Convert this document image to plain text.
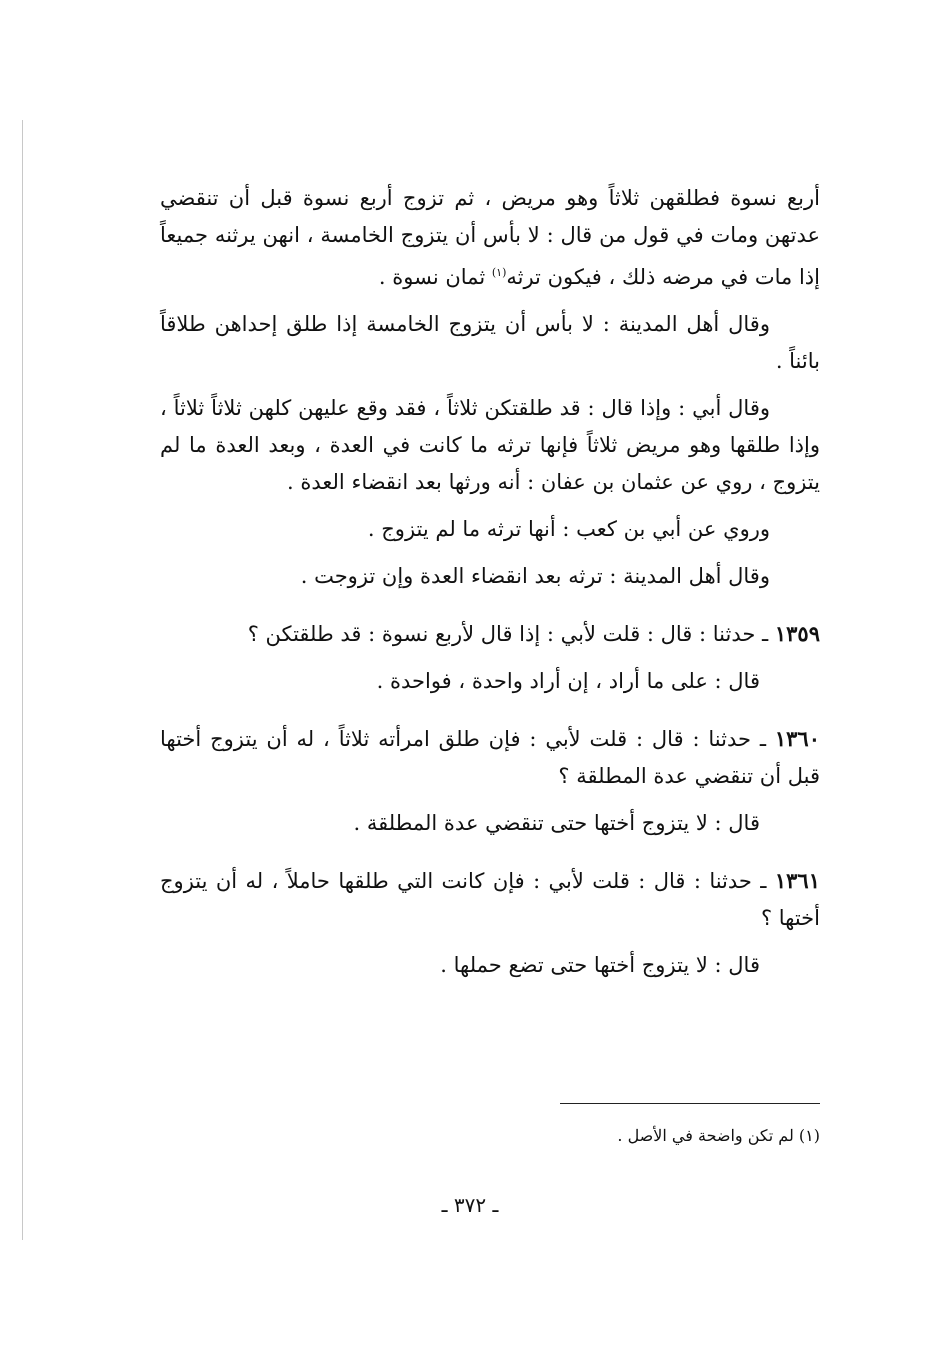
أربع نسوة فطلقهن ثلاثاً وهو مريض ، ثم تزوج أربع نسوة قبل أن تنقضي عدتهن ومات في قول من قال : لا بأس أن يتزوج الخامسة ، انهن يرثنه جميعاً إذا مات في مرضه ذلك ، فيكون ترثه$^{(١)}$ ثمان نسوة .

وقال أهل المدينة : لا بأس أن يتزوج الخامسة إذا طلق إحداهن طلاقاً بائناً .

وقال أبي : وإذا قال : قد طلقتكن ثلاثاً ، فقد وقع عليهن كلهن ثلاثاً ثلاثاً ، وإذا طلقها وهو مريض ثلاثاً فإنها ترثه ما كانت في العدة ، وبعد العدة ما لم يتزوج ، روي عن عثمان بن عفان : أنه ورثها بعد انقضاء العدة .

وروي عن أبي بن كعب : أنها ترثه ما لم يتزوج .

وقال أهل المدينة : ترثه بعد انقضاء العدة وإن تزوجت .

١٣٥٩ ـ حدثنا : قال : قلت لأبي : إذا قال لأربع نسوة : قد طلقتكن ؟

قال : على ما أراد ، إن أراد واحدة ، فواحدة .

١٣٦٠ ـ حدثنا : قال : قلت لأبي : فإن طلق امرأته ثلاثاً ، له أن يتزوج أختها قبل أن تنقضي عدة المطلقة ؟

قال : لا يتزوج أختها حتى تنقضي عدة المطلقة .

١٣٦١ ـ حدثنا : قال : قلت لأبي : فإن كانت التي طلقها حاملاً ، له أن يتزوج أختها ؟

قال : لا يتزوج أختها حتى تضع حملها .

(١) لم تكن واضحة في الأصل .
ـ ٣٧٢ ـ
